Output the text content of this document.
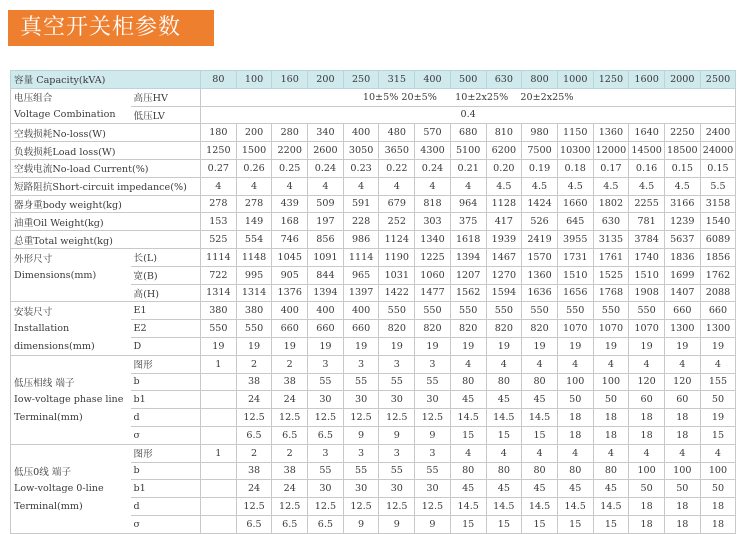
真空开关柜参数
容量 Capacity(kVA)		80	100	160	200	250	315	400	500	630	800	1000	1250	1600	2000	2500
电压组合	高压HV	10±5% 20±5%      10±2x25%    20±2x25%														
Voltage Combination	低压LV	0.4														
空载损耗No-loss(W)		180	200	280	340	400	480	570	680	810	980	1150	1360	1640	2250	2400
负载损耗Load loss(W)		1250	1500	2200	2600	3050	3650	4300	5100	6200	7500	10300	12000	14500	18500	24000
空载电流No-load Current(%)		0.27	0.26	0.25	0.24	0.23	0.22	0.24	0.21	0.20	0.19	0.18	0.17	0.16	0.15	0.15
短路阻抗Short-circuit impedance(%)		4	4	4	4	4	4	4	4	4.5	4.5	4.5	4.5	4.5	4.5	5.5
器身重body weight(kg)		278	278	439	509	591	679	818	964	1128	1424	1660	1802	2255	3166	3158
油重Oil Weight(kg)		153	149	168	197	228	252	303	375	417	526	645	630	781	1239	1540
总重Total weight(kg)		525	554	746	856	986	1124	1340	1618	1939	2419	3955	3135	3784	5637	6089
外形尺寸	长(L)	1114	1148	1045	1091	1114	1190	1225	1394	1467	1570	1731	1761	1740	1836	1856
Dimensions(mm)	宽(B)	722	995	905	844	965	1031	1060	1207	1270	1360	1510	1525	1510	1699	1762
	高(H)	1314	1314	1376	1394	1397	1422	1477	1562	1594	1636	1656	1768	1908	1407	2088
安装尺寸	E1	380	380	400	400	400	550	550	550	550	550	550	550	550	660	660
Installation	E2	550	550	660	660	660	820	820	820	820	820	1070	1070	1070	1300	1300
dimensions(mm)	D	19	19	19	19	19	19	19	19	19	19	19	19	19	19	19
	图形	1	2	2	3	3	3	3	4	4	4	4	4	4	4	4
低压相线 端子	b		38	38	55	55	55	55	80	80	80	100	100	120	120	155
Iow-voltage phase line	b1		24	24	30	30	30	30	45	45	45	50	50	60	60	50
Terminal(mm)	d		12.5	12.5	12.5	12.5	12.5	12.5	14.5	14.5	14.5	18	18	18	18	19
	σ		6.5	6.5	6.5	9	9	9	15	15	15	18	18	18	18	15
	图形	1	2	2	3	3	3	3	4	4	4	4	4	4	4	4
低压0线 端子	b		38	38	55	55	55	55	80	80	80	80	80	100	100	100
Low-voltage 0-line	b1		24	24	30	30	30	30	45	45	45	45	45	50	50	50
Terminal(mm)	d		12.5	12.5	12.5	12.5	12.5	12.5	14.5	14.5	14.5	14.5	14.5	18	18	18
	σ		6.5	6.5	6.5	9	9	9	15	15	15	15	15	18	18	18
